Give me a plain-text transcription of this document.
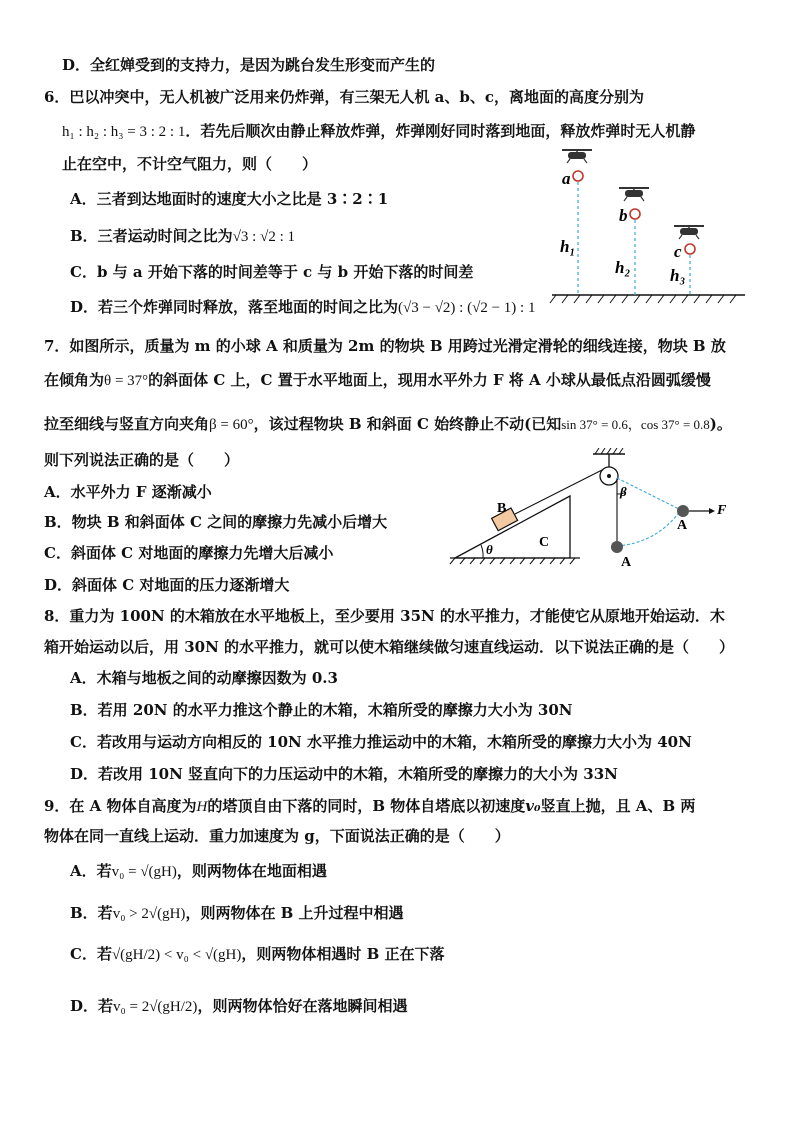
D．全红婵受到的支持力，是因为跳台发生形变而产生的
6．巴以冲突中，无人机被广泛用来仍炸弹，有三架无人机 a、b、c，离地面的高度分别为
h₁ : h₂ : h₃ = 3 : 2 : 1．若先后顺次由静止释放炸弹，炸弹刚好同时落到地面，释放炸弹时无人机静
止在空中，不计空气阻力，则（　　）
A．三者到达地面时的速度大小之比是 3∶2∶1
B．三者运动时间之比为√3 : √2 : 1
C．b 与 a 开始下落的时间差等于 c 与 b 开始下落的时间差
D．若三个炸弹同时释放，落至地面的时间之比为(√3 − √2) : (√2 − 1) : 1
a
b
c
h₁
h₂ h₃
7．如图所示，质量为 m 的小球 A 和质量为 2m 的物块 B 用跨过光滑定滑轮的细线连接，物块 B 放
在倾角为θ = 37°的斜面体 C 上，C 置于水平地面上，现用水平外力 F 将 A 小球从最低点沿圆弧缓慢
拉至细线与竖直方向夹角β = 60°，该过程物块 B 和斜面 C 始终静止不动(已知sin 37° = 0.6，cos 37° = 0.8)。
则下列说法正确的是（　　）
A．水平外力 F 逐渐减小
B．物块 B 和斜面体 C 之间的摩擦力先减小后增大
C．斜面体 C 对地面的摩擦力先增大后减小
D．斜面体 C 对地面的压力逐渐增大
B
C
θ
β
A
A
F
8．重力为 100N 的木箱放在水平地板上，至少要用 35N 的水平推力，才能使它从原地开始运动．木
箱开始运动以后，用 30N 的水平推力，就可以使木箱继续做匀速直线运动．以下说法正确的是（　　）
A．木箱与地板之间的动摩擦因数为 0.3
B．若用 20N 的水平力推这个静止的木箱，木箱所受的摩擦力大小为 30N
C．若改用与运动方向相反的 10N 水平推力推运动中的木箱，木箱所受的摩擦力大小为 40N
D．若改用 10N 竖直向下的力压运动中的木箱，木箱所受的摩擦力的大小为 33N
9．在 A 物体自高度为H的塔顶自由下落的同时，B 物体自塔底以初速度v₀竖直上抛，且 A、B 两
物体在同一直线上运动．重力加速度为 g，下面说法正确的是（　　）
A．若v₀ = √(gH)，则两物体在地面相遇
B．若v₀ > 2√(gH)，则两物体在 B 上升过程中相遇
C．若√(gH/2) < v₀ < √(gH)，则两物体相遇时 B 正在下落
D．若v₀ = 2√(gH/2)，则两物体恰好在落地瞬间相遇
